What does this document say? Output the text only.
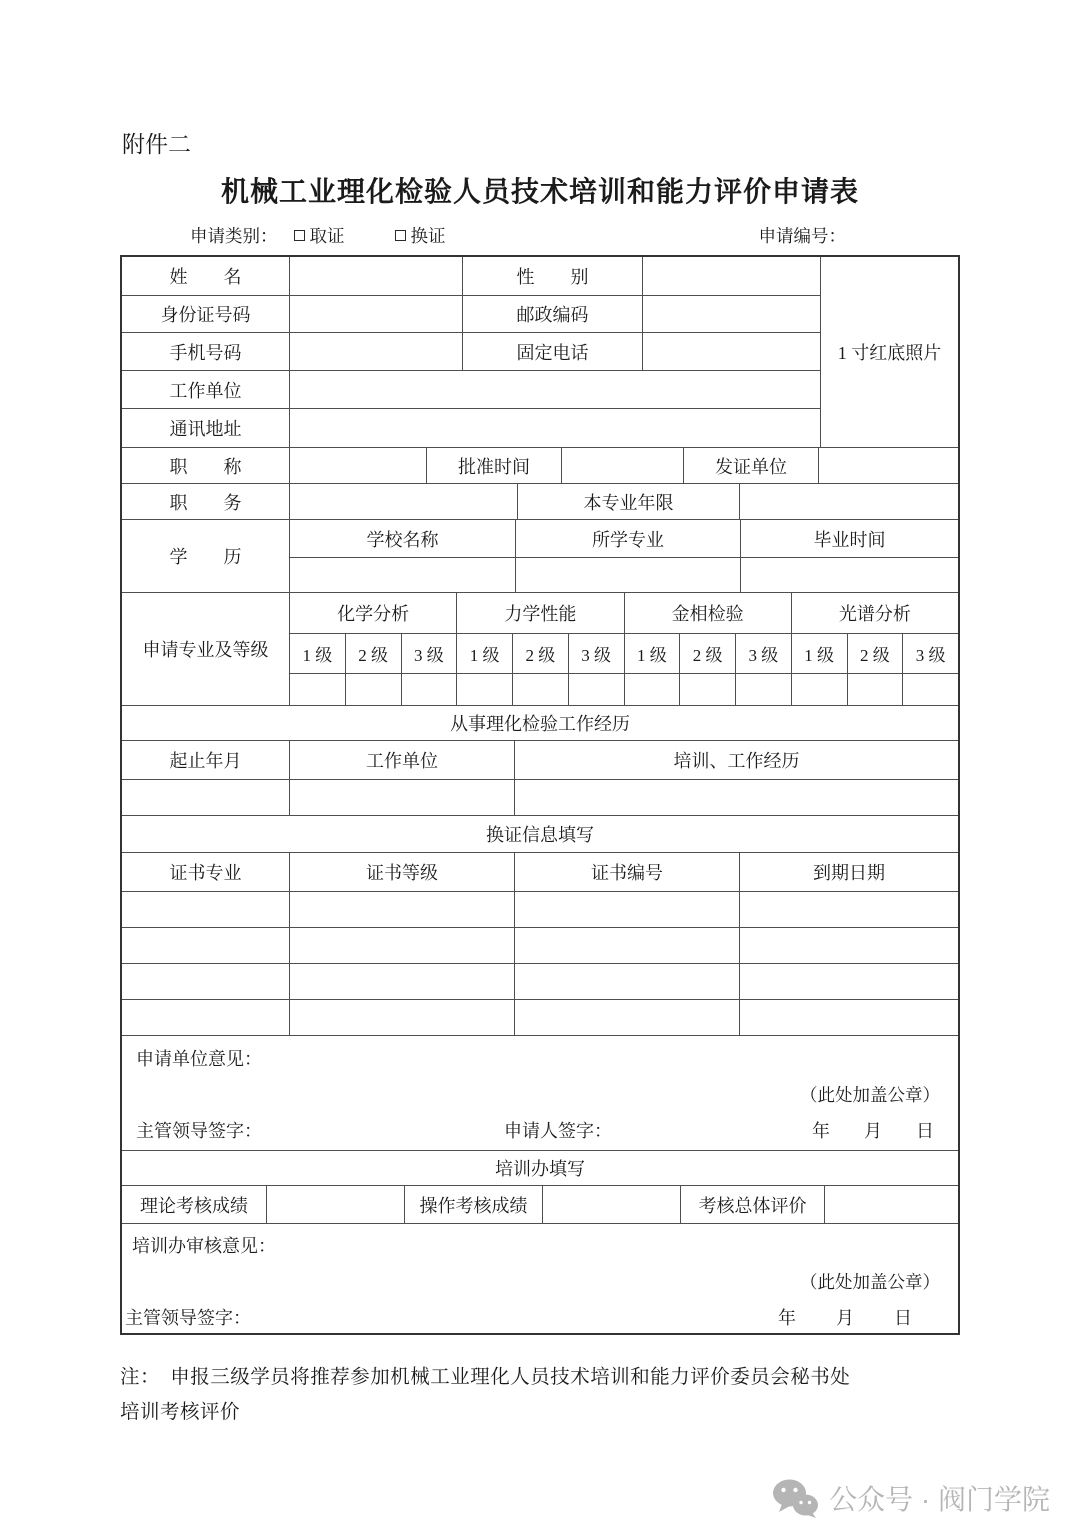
附件二
机械工业理化检验人员技术培训和能力评价申请表
申请类别： 取证	换证	申请编号：
姓　　名	性　　别
身份证号码	邮政编码
手机号码	固定电话
工作单位
通讯地址
1 寸红底照片
职　　称	批准时间	发证单位
职　　务	本专业年限
学　　历
学校名称	所学专业	毕业时间
申请专业及等级
化学分析	力学性能	金相检验	光谱分析
1 级	2 级	3 级	1 级	2 级	3 级	1 级	2 级	3 级	1 级	2 级	3 级
从事理化检验工作经历
起止年月	工作单位	培训、工作经历
换证信息填写
证书专业	证书等级	证书编号	到期日期
申请单位意见：
（此处加盖公章）
主管领导签字：	申请人签字：	年 月 日
培训办填写
理论考核成绩	操作考核成绩	考核总体评价
培训办审核意见：
（此处加盖公章）
主管领导签字：	年 月 日
注：　申报三级学员将推荐参加机械工业理化人员技术培训和能力评价委员会秘书处
培训考核评价
公众号 · 阀门学院
